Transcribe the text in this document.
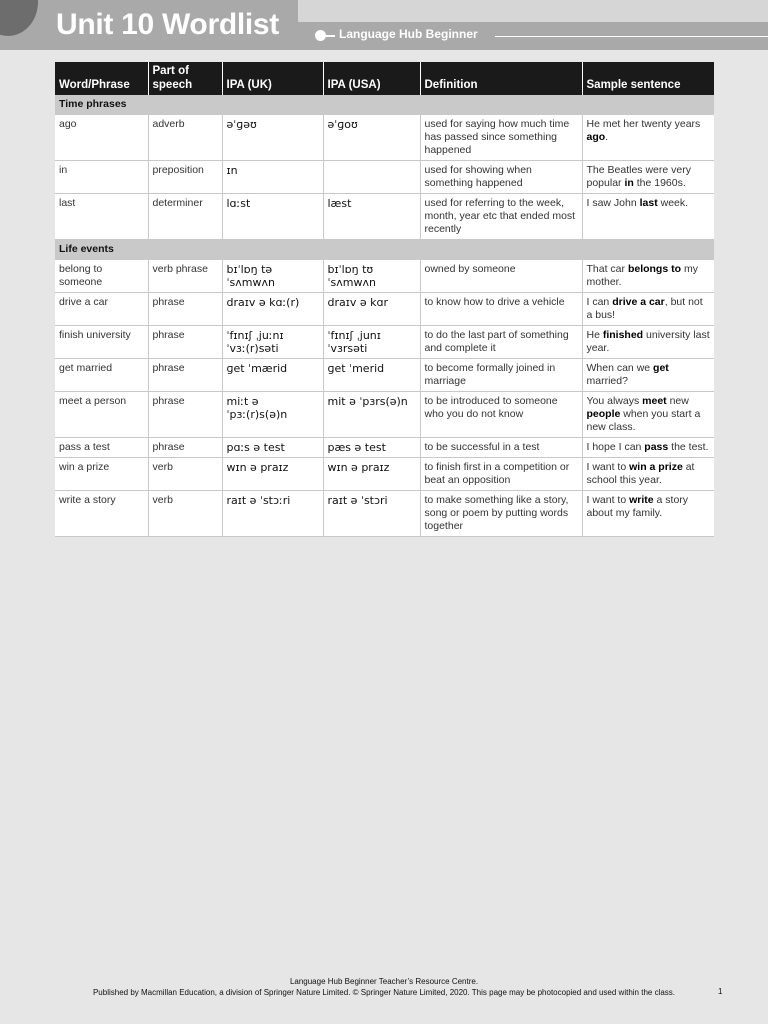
Unit 10 Wordlist	Language Hub Beginner
Word/Phrase	Part of speech	IPA (UK)	IPA (USA)	Definition	Sample sentence
Time phrases					
ago	adverb	əˈɡəʊ	əˈɡoʊ	used for saying how much time has passed since something happened	He met her twenty years ago.
in	preposition	ɪn		used for showing when something happened	The Beatles were very popular in the 1960s.
last	determiner	lɑːst	læst	used for referring to the week, month, year etc that ended most recently	I saw John last week.
Life events					
belong to someone	verb phrase	bɪˈlɒŋ tə ˈsʌmwʌn	bɪˈlɒŋ tʊ ˈsʌmwʌn	owned by someone	That car belongs to my mother.
drive a car	phrase	draɪv ə kɑː(r)	draɪv ə kɑr	to know how to drive a vehicle	I can drive a car, but not a bus!
finish university	phrase	ˈfɪnɪʃ ˌjuːnɪˈvɜː(r)səti	ˈfɪnɪʃ ˌjunɪˈvɜrsəti	to do the last part of something and complete it	He finished university last year.
get married	phrase	ɡet ˈmærid	ɡet ˈmerid	to become formally joined in marriage	When can we get married?
meet a person	phrase	miːt ə ˈpɜː(r)s(ə)n	mit ə ˈpɜrs(ə)n	to be introduced to someone who you do not know	You always meet new people when you start a new class.
pass a test	phrase	pɑːs ə test	pæs ə test	to be successful in a test	I hope I can pass the test.
win a prize	verb	wɪn ə praɪz	wɪn ə praɪz	to finish first in a competition or beat an opposition	I want to win a prize at school this year.
write a story	verb	raɪt ə ˈstɔːri	raɪt ə ˈstɔri	to make something like a story, song or poem by putting words together	I want to write a story about my family.
Language Hub Beginner Teacher’s Resource Centre.
Published by Macmillan Education, a division of Springer Nature Limited. © Springer Nature Limited, 2020. This page may be photocopied and used within the class.	1
